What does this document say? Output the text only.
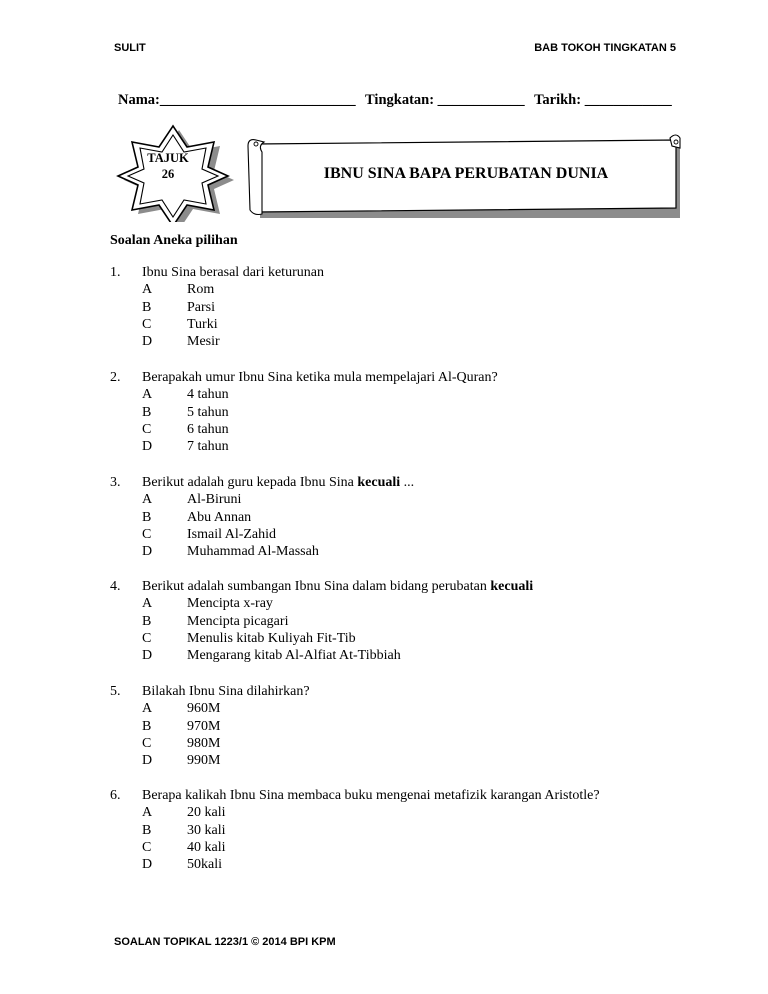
SULIT	BAB TOKOH TINGKATAN 5
Nama:___________________________ Tingkatan: ____________ Tarikh: ____________
TAJUK
26	IBNU SINA BAPA PERUBATAN DUNIA
Soalan Aneka pilihan
1.	Ibnu Sina berasal dari keturunan
A Rom
B	Parsi
C	Turki
D Mesir
2.	Berapakah umur Ibnu Sina ketika mula mempelajari Al-Quran?
A 4 tahun
B	5 tahun
C	6 tahun
D 7 tahun
3.	Berikut adalah guru kepada Ibnu Sina kecuali ...
A Al-Biruni
B	Abu Annan
C	Ismail Al-Zahid
D Muhammad Al-Massah
4.	Berikut adalah sumbangan Ibnu Sina dalam bidang perubatan kecuali
A Mencipta x-ray
B	Mencipta picagari
C	Menulis kitab Kuliyah Fit-Tib
D Mengarang kitab Al-Alfiat At-Tibbiah
5.	Bilakah Ibnu Sina dilahirkan?
A 960M
B	970M
C	980M
D 990M
6.	Berapa kalikah Ibnu Sina membaca buku mengenai metafizik karangan Aristotle?
A 20 kali
B	30 kali
C	40 kali
D 50kali
SOALAN TOPIKAL 1223/1 © 2014 BPI KPM
